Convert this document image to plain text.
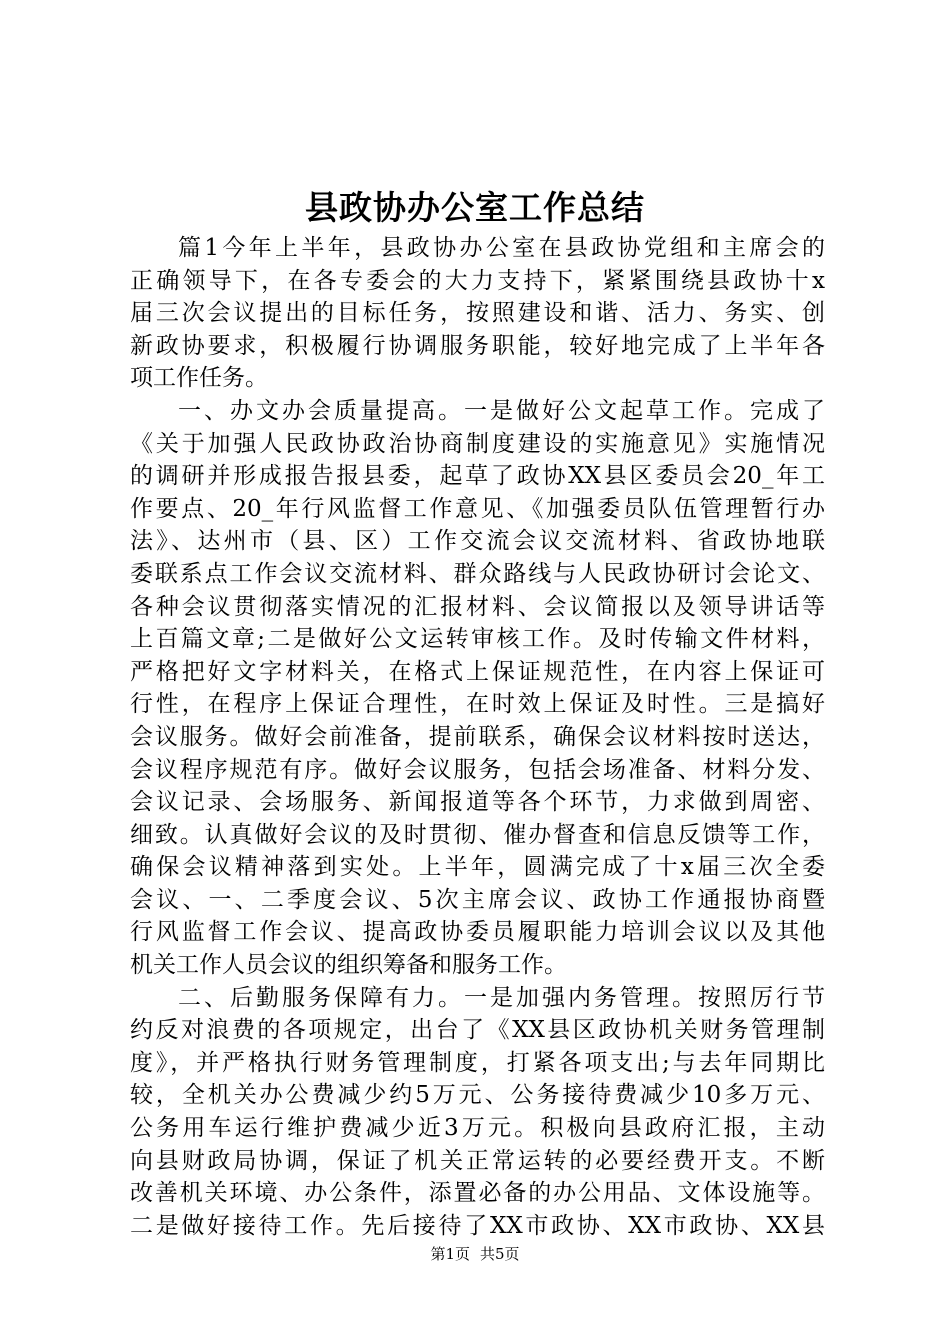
县政协办公室工作总结
篇1今年上半年，县政协办公室在县政协党组和主席会的
正确领导下，在各专委会的大力支持下，紧紧围绕县政协十x
届三次会议提出的目标任务，按照建设和谐、活力、务实、创
新政协要求，积极履行协调服务职能，较好地完成了上半年各
项工作任务。
一、办文办会质量提高。一是做好公文起草工作。完成了
《关于加强人民政协政治协商制度建设的实施意见》实施情况
的调研并形成报告报县委，起草了政协XX县区委员会20_年工
作要点、20_年行风监督工作意见、《加强委员队伍管理暂行办
法》、达州市（县、区）工作交流会议交流材料、省政协地联
委联系点工作会议交流材料、群众路线与人民政协研讨会论文、
各种会议贯彻落实情况的汇报材料、会议简报以及领导讲话等
上百篇文章;二是做好公文运转审核工作。及时传输文件材料，
严格把好文字材料关，在格式上保证规范性，在内容上保证可
行性，在程序上保证合理性，在时效上保证及时性。三是搞好
会议服务。做好会前准备，提前联系，确保会议材料按时送达，
会议程序规范有序。做好会议服务，包括会场准备、材料分发、
会议记录、会场服务、新闻报道等各个环节，力求做到周密、
细致。认真做好会议的及时贯彻、催办督查和信息反馈等工作，
确保会议精神落到实处。上半年，圆满完成了十x届三次全委
会议、一、二季度会议、5次主席会议、政协工作通报协商暨
行风监督工作会议、提高政协委员履职能力培训会议以及其他
机关工作人员会议的组织筹备和服务工作。
二、后勤服务保障有力。一是加强内务管理。按照厉行节
约反对浪费的各项规定，出台了《XX县区政协机关财务管理制
度》，并严格执行财务管理制度，打紧各项支出;与去年同期比
较，全机关办公费减少约5万元、公务接待费减少10多万元、
公务用车运行维护费减少近3万元。积极向县政府汇报，主动
向县财政局协调，保证了机关正常运转的必要经费开支。不断
改善机关环境、办公条件，添置必备的办公用品、文体设施等。
二是做好接待工作。先后接待了XX市政协、XX市政协、XX县
第1页 共5页
